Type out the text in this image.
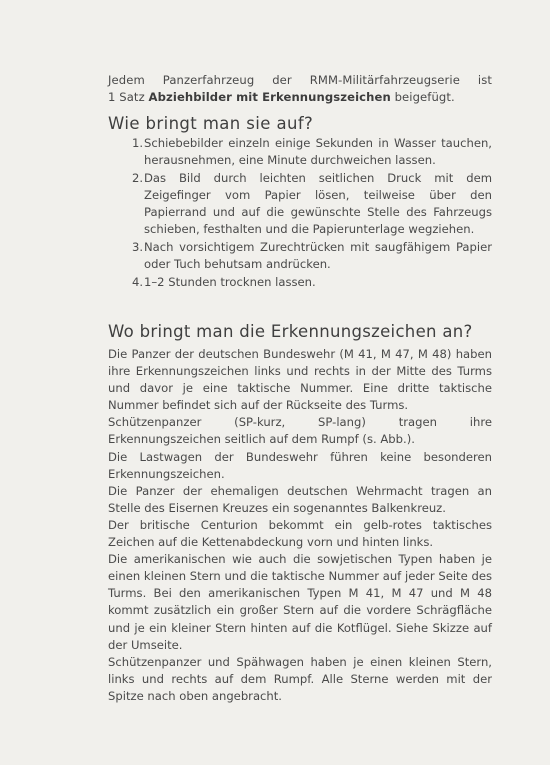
Jedem Panzerfahrzeug der RMM-Militärfahrzeugserie ist
1 Satz Abziehbilder mit Erkennungszeichen beigefügt.
Wie bringt man sie auf?
1. Schiebebilder einzeln einige Sekunden in Wasser tauchen, herausnehmen, eine Minute durchweichen lassen.
2. Das Bild durch leichten seitlichen Druck mit dem Zeigefinger vom Papier lösen, teilweise über den Papierrand und auf die gewünschte Stelle des Fahrzeugs schieben, festhalten und die Papierunterlage wegziehen.
3. Nach vorsichtigem Zurechtrücken mit saugfähigem Papier oder Tuch behutsam andrücken.
4. 1–2 Stunden trocknen lassen.
Wo bringt man die Erkennungszeichen an?

Die Panzer der deutschen Bundeswehr (M 41, M 47, M 48) haben ihre Erkennungszeichen links und rechts in der Mitte des Turms und davor je eine taktische Nummer. Eine dritte taktische Nummer befindet sich auf der Rückseite des Turms.

Schützenpanzer (SP-kurz, SP-lang) tragen ihre Erkennungszeichen seitlich auf dem Rumpf (s. Abb.).

Die Lastwagen der Bundeswehr führen keine besonderen Erkennungszeichen.

Die Panzer der ehemaligen deutschen Wehrmacht tragen an Stelle des Eisernen Kreuzes ein sogenanntes Balkenkreuz.

Der britische Centurion bekommt ein gelb-rotes taktisches Zeichen auf die Kettenabdeckung vorn und hinten links.

Die amerikanischen wie auch die sowjetischen Typen haben je einen kleinen Stern und die taktische Nummer auf jeder Seite des Turms. Bei den amerikanischen Typen M 41, M 47 und M 48 kommt zusätzlich ein großer Stern auf die vordere Schrägfläche und je ein kleiner Stern hinten auf die Kotflügel. Siehe Skizze auf der Umseite.

Schützenpanzer und Spähwagen haben je einen kleinen Stern, links und rechts auf dem Rumpf. Alle Sterne werden mit der Spitze nach oben angebracht.
